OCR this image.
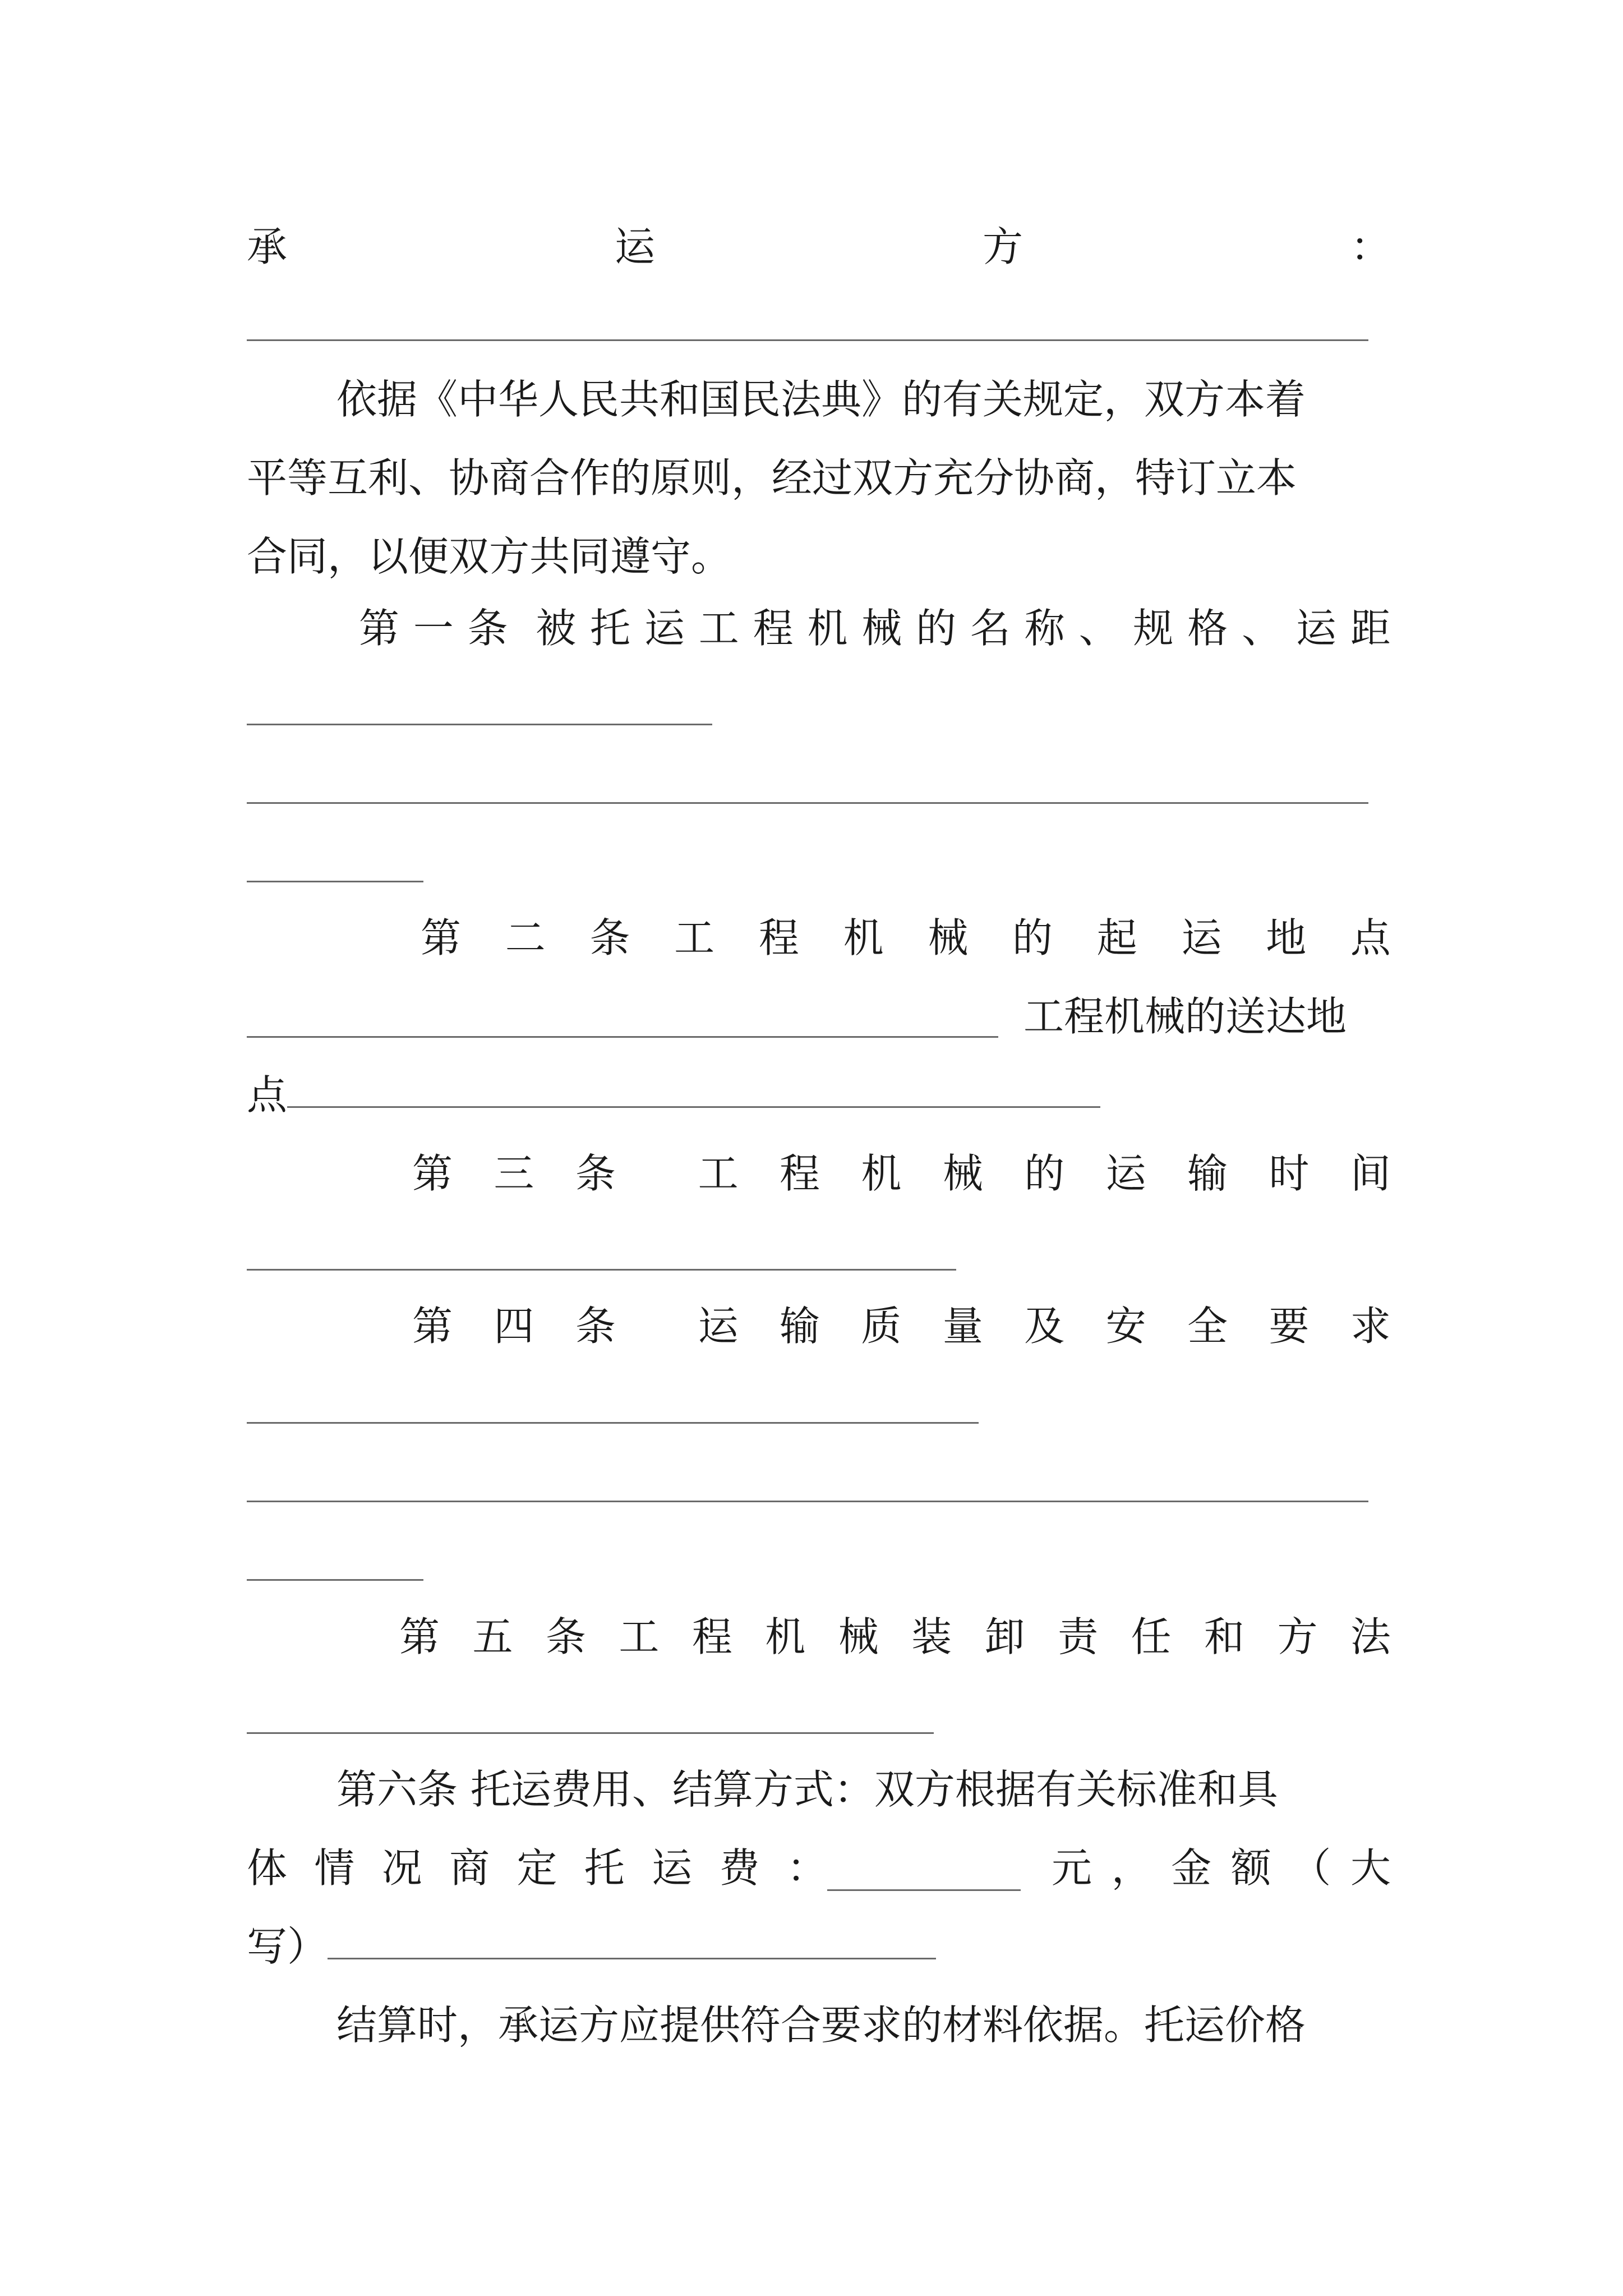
承	运	方	：
依据《中华人民共和国民法典》的有关规定，双方本着
平等互利、协商合作的原则，经过双方充分协商，特订立本
合同，以便双方共同遵守。
第 一 条 被 托 运 工 程 机 械 的 名 称 、 规 格 、 运 距
第 二 条 工 程 机 械 的 起 运 地 点
工程机械的送达地
点
第 三 条 工 程 机 械 的 运 输 时 间
第 四 条 运 输 质 量 及 安 全 要 求
第 五 条 工 程 机 械 装 卸 责 任 和 方 法
第六条 托运费用、结算方式：双方根据有关标准和具
体 情 况 商 定 托 运 费 ：	元 ， 金 额 （ 大
写）
结算时，承运方应提供符合要求的材料依据。托运价格
